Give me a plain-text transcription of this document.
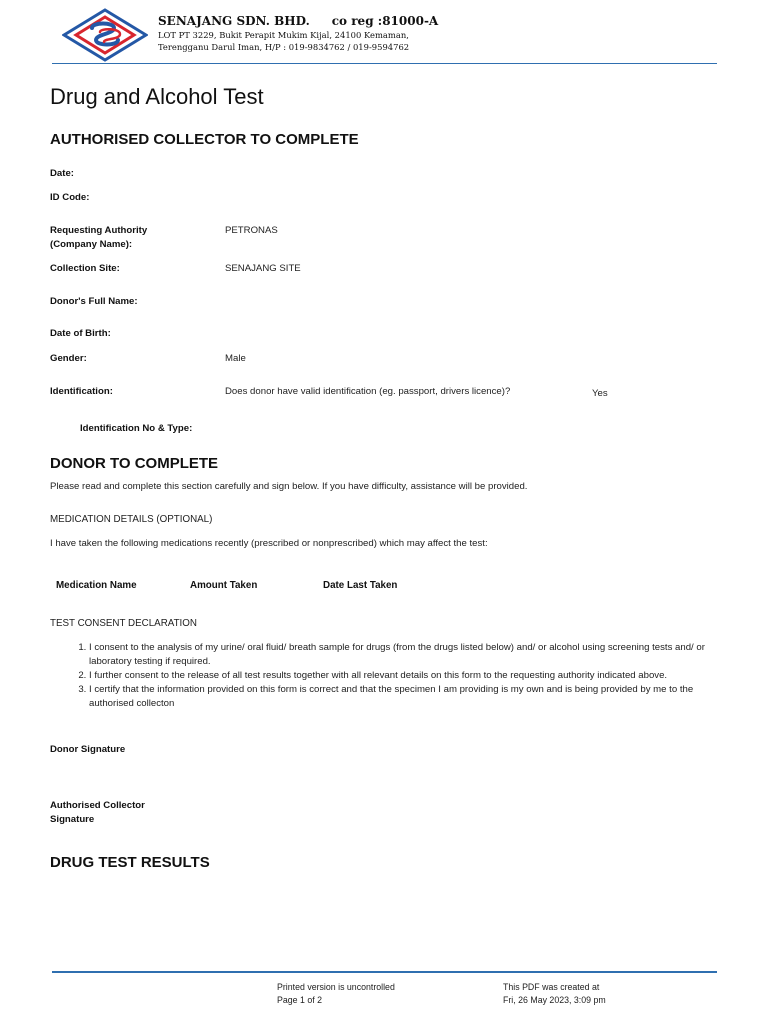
SENAJANG SDN. BHD. co reg :81000-A
LOT PT 3229, Bukit Perapit Mukim Kijal, 24100 Kemaman,
Terengganu Darul Iman, H/P : 019-9834762 / 019-9594762
Drug and Alcohol Test
AUTHORISED COLLECTOR TO COMPLETE
Date:
ID Code:
Requesting Authority
(Company Name):
PETRONAS
Collection Site:	SENAJANG SITE
Donor's Full Name:
Date of Birth:
Gender:	Male
Identification:	Does donor have valid identification (eg. passport, drivers licence)?	Yes
Identification No & Type:
DONOR TO COMPLETE
Please read and complete this section carefully and sign below. If you have difficulty, assistance will be provided.
MEDICATION DETAILS (OPTIONAL)
I have taken the following medications recently (prescribed or nonprescribed) which may affect the test:
Medication Name	Amount Taken	Date Last Taken
TEST CONSENT DECLARATION
1. I consent to the analysis of my urine/ oral fluid/ breath sample for drugs (from the drugs listed below) and/ or alcohol using screening tests and/ or laboratory testing if required.
2. I further consent to the release of all test results together with all relevant details on this form to the requesting authority indicated above.
3. I certify that the information provided on this form is correct and that the specimen I am providing is my own and is being provided by me to the authorised collecton
Donor Signature
Authorised Collector
Signature
DRUG TEST RESULTS
Printed version is uncontrolled
Page 1 of 2
This PDF was created at
Fri, 26 May 2023, 3:09 pm
